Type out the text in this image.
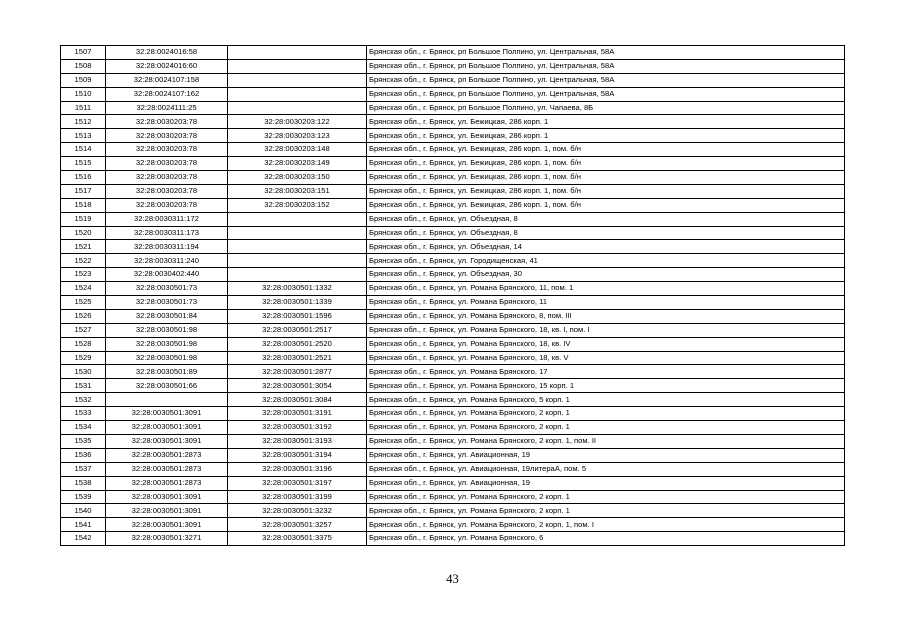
1507	32:28:0024016:58		Брянская обл., г. Брянск, рп Большое Полпино, ул. Центральная, 58А
1508	32:28:0024016:60		Брянская обл., г. Брянск, рп Большое Полпино, ул. Центральная, 58А
1509	32:28:0024107:158		Брянская обл., г. Брянск, рп Большое Полпино, ул. Центральная, 58А
1510	32:28:0024107:162		Брянская обл., г. Брянск, рп Большое Полпино, ул. Центральная, 58А
1511	32:28:0024111:25		Брянская обл., г. Брянск, рп Большое Полпино, ул. Чапаева, 8Б
1512	32:28:0030203:78	32:28:0030203:122	Брянская обл., г. Брянск, ул. Бежицкая, 286 корп. 1
1513	32:28:0030203:78	32:28:0030203:123	Брянская обл., г. Брянск, ул. Бежицкая, 286 корп. 1
1514	32:28:0030203:78	32:28:0030203:148	Брянская обл., г. Брянск, ул. Бежицкая, 286 корп. 1, пом. б/н
1515	32:28:0030203:78	32:28:0030203:149	Брянская обл., г. Брянск, ул. Бежицкая, 286 корп. 1, пом. б/н
1516	32:28:0030203:78	32:28:0030203:150	Брянская обл., г. Брянск, ул. Бежицкая, 286 корп. 1, пом. б/н
1517	32:28:0030203:78	32:28:0030203:151	Брянская обл., г. Брянск, ул. Бежицкая, 286 корп. 1, пом. б/н
1518	32:28:0030203:78	32:28:0030203:152	Брянская обл., г. Брянск, ул. Бежицкая, 286 корп. 1, пом. б/н
1519	32:28:0030311:172		Брянская обл., г. Брянск, ул. Объездная, 8
1520	32:28:0030311:173		Брянская обл., г. Брянск, ул. Объездная, 8
1521	32:28:0030311:194		Брянская обл., г. Брянск, ул. Объездная, 14
1522	32:28:0030311:240		Брянская обл., г. Брянск, ул. Городищенская, 41
1523	32:28:0030402:440		Брянская обл., г. Брянск, ул. Объездная, 30
1524	32:28:0030501:73	32:28:0030501:1332	Брянская обл., г. Брянск, ул. Романа Брянского, 11, пом. 1
1525	32:28:0030501:73	32:28:0030501:1339	Брянская обл., г. Брянск, ул. Романа Брянского, 11
1526	32:28:0030501:84	32:28:0030501:1596	Брянская обл., г. Брянск, ул. Романа Брянского, 8, пом. III
1527	32:28:0030501:98	32:28:0030501:2517	Брянская обл., г. Брянск, ул. Романа Брянского, 18, кв. I, пом. I
1528	32:28:0030501:98	32:28:0030501:2520	Брянская обл., г. Брянск, ул. Романа Брянского, 18, кв. IV
1529	32:28:0030501:98	32:28:0030501:2521	Брянская обл., г. Брянск, ул. Романа Брянского, 18, кв. V
1530	32:28:0030501:89	32:28:0030501:2877	Брянская обл., г. Брянск, ул. Романа Брянского, 17
1531	32:28:0030501:66	32:28:0030501:3054	Брянская обл., г. Брянск, ул. Романа Брянского, 15 корп. 1
1532		32:28:0030501:3084	Брянская обл., г. Брянск, ул. Романа Брянского, 5 корп. 1
1533	32:28:0030501:3091	32:28:0030501:3191	Брянская обл., г. Брянск, ул. Романа Брянского, 2 корп. 1
1534	32:28:0030501:3091	32:28:0030501:3192	Брянская обл., г. Брянск, ул. Романа Брянского, 2 корп. 1
1535	32:28:0030501:3091	32:28:0030501:3193	Брянская обл., г. Брянск, ул. Романа Брянского, 2 корп. 1, пом. II
1536	32:28:0030501:2873	32:28:0030501:3194	Брянская обл., г. Брянск, ул. Авиационная, 19
1537	32:28:0030501:2873	32:28:0030501:3196	Брянская обл., г. Брянск, ул. Авиационная, 19литераА, пом. 5
1538	32:28:0030501:2873	32:28:0030501:3197	Брянская обл., г. Брянск, ул. Авиационная, 19
1539	32:28:0030501:3091	32:28:0030501:3199	Брянская обл., г. Брянск, ул. Романа Брянского, 2 корп. 1
1540	32:28:0030501:3091	32:28:0030501:3232	Брянская обл., г. Брянск, ул. Романа Брянского, 2 корп. 1
1541	32:28:0030501:3091	32:28:0030501:3257	Брянская обл., г. Брянск, ул. Романа Брянского, 2 корп. 1, пом. I
1542	32:28:0030501:3271	32:28:0030501:3375	Брянская обл., г. Брянск, ул. Романа Брянского, 6
43
